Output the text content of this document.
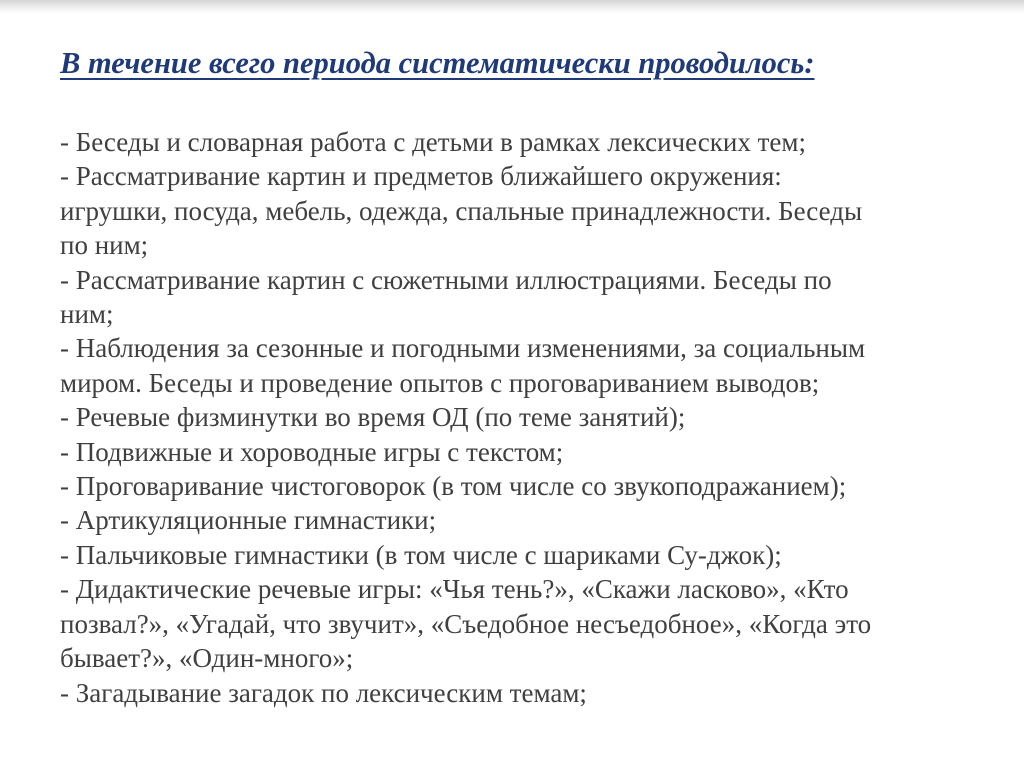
В течение всего периода систематически проводилось:
- Беседы и словарная работа с детьми в рамках лексических тем;
- Рассматривание картин и предметов ближайшего окружения:
игрушки, посуда, мебель, одежда, спальные принадлежности. Беседы
по ним;
- Рассматривание картин с сюжетными иллюстрациями. Беседы по
ним;
- Наблюдения за сезонные и погодными изменениями, за социальным
миром. Беседы и проведение опытов с проговариванием выводов;
- Речевые физминутки во время ОД (по теме занятий);
- Подвижные и хороводные игры с текстом;
- Проговаривание чистоговорок (в том числе со звукоподражанием);
- Артикуляционные гимнастики;
- Пальчиковые гимнастики (в том числе с шариками Су-джок);
- Дидактические речевые игры: «Чья тень?», «Скажи ласково», «Кто
позвал?», «Угадай, что звучит», «Съедобное несъедобное», «Когда это
бывает?», «Один-много»;
- Загадывание загадок по лексическим темам;
